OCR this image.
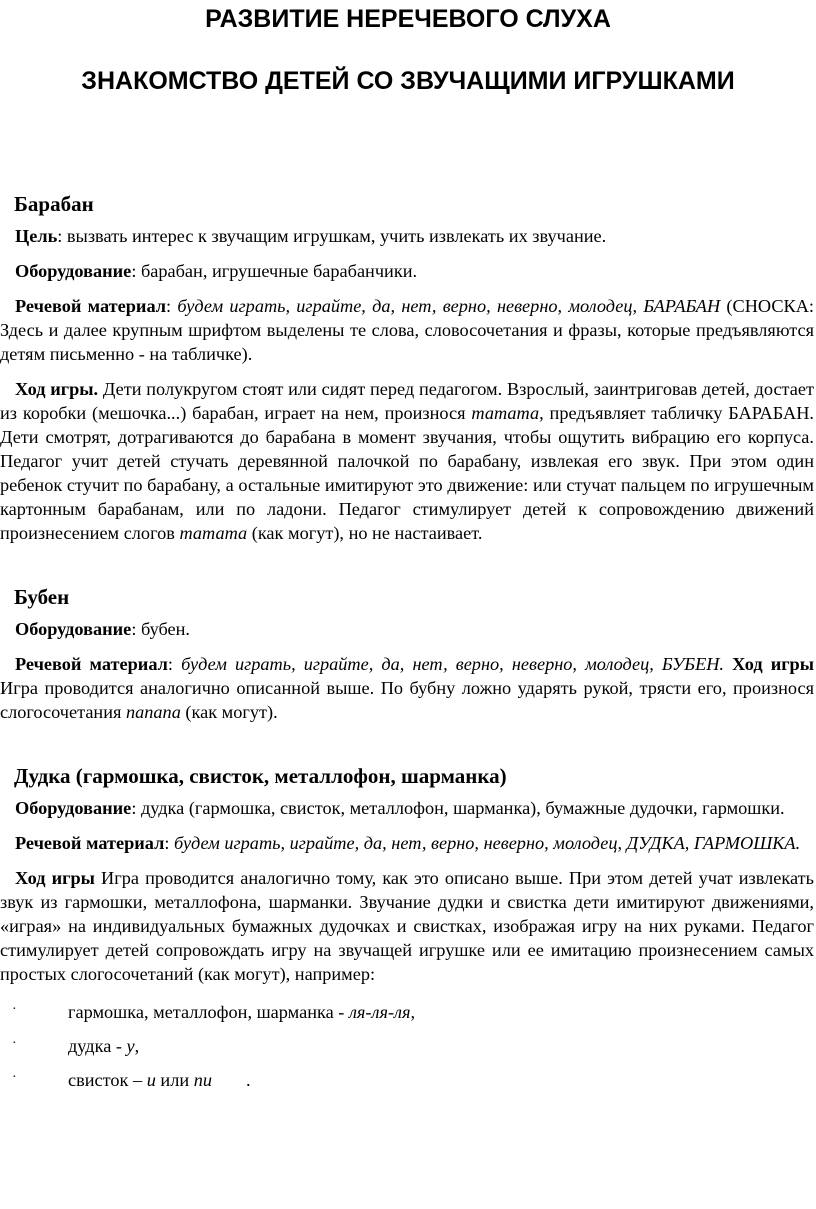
РАЗВИТИЕ НЕРЕЧЕВОГО СЛУХА
ЗНАКОМСТВО ДЕТЕЙ СО ЗВУЧАЩИМИ ИГРУШКАМИ
Барабан

Цель: вызвать интерес к звучащим игрушкам, учить извлекать их звучание.

Оборудование: барабан, игрушечные барабанчики.

Речевой материал: будем играть, играйте, да, нет, верно, неверно, молодец, БАРАБАН (СНОСКА: Здесь и далее крупным шрифтом выделены те слова, словосочетания и фразы, которые предъявляются детям письменно - на табличке).

Ход игры. Дети полукругом стоят или сидят перед педагогом. Взрослый, заинтриговав детей, достает из коробки (мешочка...) барабан, играет на нем, произнося татата, предъявляет табличку БАРАБАН. Дети смотрят, дотрагиваются до барабана в момент звучания, чтобы ощутить вибрацию его корпуса. Педагог учит детей стучать деревянной палочкой по барабану, извлекая его звук. При этом один ребенок стучит по барабану, а остальные имитируют это движение: или стучат пальцем по игрушечным картонным барабанам, или по ладони. Педагог стимулирует детей к сопровождению движений произнесением слогов татата (как могут), но не настаивает.

Бубен

Оборудование: бубен.

Речевой материал: будем играть, играйте, да, нет, верно, неверно, молодец, БУБЕН. Ход игры Игра проводится аналогично описанной выше. По бубну ложно ударять рукой, трясти его, произнося слогосочетания папапа (как могут).

Дудка (гармошка, свисток, металлофон, шарманка)

Оборудование: дудка (гармошка, свисток, металлофон, шарманка), бумажные дудочки, гармошки.

Речевой материал: будем играть, играйте, да, нет, верно, неверно, молодец, ДУДКА, ГАРМОШКА.

Ход игры Игра проводится аналогично тому, как это описано выше. При этом детей учат извлекать звук из гармошки, металлофона, шарманки. Звучание дудки и свистка дети имитируют движениями, «играя» на индивидуальных бумажных дудочках и свистках, изображая игру на них руками. Педагог стимулирует детей сопровождать игру на звучащей игрушке или ее имитацию произнесением самых простых слогосочетаний (как могут), например:

·	гармошка, металлофон, шарманка - ля-ля-ля,
·	дудка - у,
·	свисток – и или пи .
